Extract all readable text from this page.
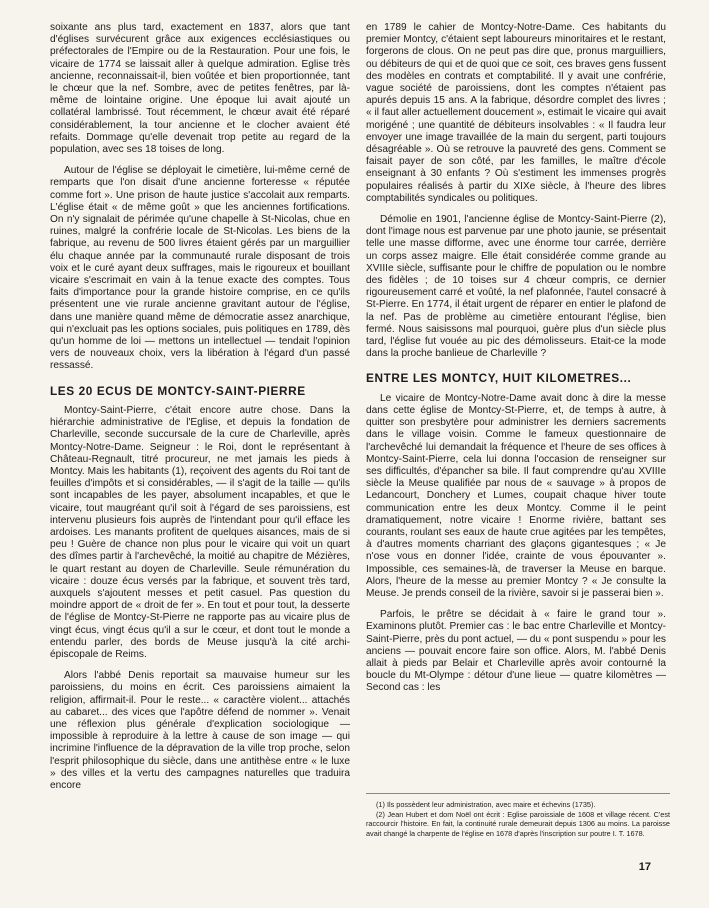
soixante ans plus tard, exactement en 1837, alors que tant d'églises survécurent grâce aux exigences ecclésiastiques ou préfectorales de l'Empire ou de la Restauration. Pour une fois, le vicaire de 1774 se laissait aller à quelque admiration. Eglise très ancienne, reconnaissait-il, bien voûtée et bien proportionnée, tant le chœur que la nef. Sombre, avec de petites fenêtres, par là-même de lointaine origine. Une époque lui avait ajouté un collatéral lambrissé. Tout récemment, le chœur avait été réparé considérablement, la tour ancienne et le clocher avaient été refaits. Dommage qu'elle devenait trop petite au regard de la population, avec ses 18 toises de long.

Autour de l'église se déployait le cimetière, lui-même cerné de remparts que l'on disait d'une ancienne forteresse « réputée comme fort ». Une prison de haute justice s'accolait aux remparts. L'église était « de même goût » que les anciennes fortifications. On n'y signalait de périmée qu'une chapelle à St-Nicolas, chue en ruines, malgré la confrérie locale de St-Nicolas. Les biens de la fabrique, au revenu de 500 livres étaient gérés par un marguillier élu chaque année par la communauté rurale disposant de trois voix et le curé ayant deux suffrages, mais le rigoureux et bouillant vicaire s'escrimait en vain à la tenue exacte des comptes. Tous faits d'importance pour la grande histoire comprise, en ce qu'ils présentent une vie rurale ancienne gravitant autour de l'église, dans une manière quand même de démocratie assez anarchique, qui n'excluait pas les options sociales, puis politiques en 1789, dès qu'un homme de loi — mettons un intellectuel — tendait l'opinion vers de nouveaux choix, vers la libération à l'égard d'un passé ressassé.

LES 20 ECUS DE MONTCY-SAINT-PIERRE

Montcy-Saint-Pierre, c'était encore autre chose. Dans la hiérarchie administrative de l'Eglise, et depuis la fondation de Charleville, seconde succursale de la cure de Charleville, après Montcy-Notre-Dame. Seigneur : le Roi, dont le représentant à Château-Regnault, titré procureur, ne met jamais les pieds à Montcy. Mais les habitants (1), reçoivent des agents du Roi tant de feuilles d'impôts et si considérables, — il s'agit de la taille — qu'ils sont incapables de les payer, absolument incapables, et que le vicaire, tout maugréant qu'il soit à l'égard de ses paroissiens, est intervenu plusieurs fois auprès de l'intendant pour qu'il efface les ardoises. Les manants profitent de quelques aisances, mais de si peu ! Guère de chance non plus pour le vicaire qui voit un quart des dîmes partir à l'archevêché, la moitié au chapitre de Mézières, le quart restant au doyen de Charleville. Seule rémunération du vicaire : douze écus versés par la fabrique, et souvent très tard, auxquels s'ajoutent messes et petit casuel. Pas question du moindre apport de « droit de fer ». En tout et pour tout, la desserte de l'église de Montcy-St-Pierre ne rapporte pas au vicaire plus de vingt écus, vingt écus qu'il a sur le cœur, et dont tout le monde a entendu parler, des bords de Meuse jusqu'à la cité archi-épiscopale de Reims.

Alors l'abbé Denis reportait sa mauvaise humeur sur les paroissiens, du moins en écrit. Ces paroissiens aimaient la religion, affirmait-il. Pour le reste... « caractère violent... attachés au cabaret... des vices que l'apôtre défend de nommer ». Venait une réflexion plus générale d'explication sociologique — impossible à reproduire à la lettre à cause de son image — qui incrimine l'influence de la dépravation de la ville trop proche, selon l'esprit philosophique du siècle, dans une antithèse entre « le luxe » des villes et la vertu des campagnes naturelles que traduira encore

en 1789 le cahier de Montcy-Notre-Dame. Ces habitants du premier Montcy, c'étaient sept laboureurs minoritaires et le restant, forgerons de clous. On ne peut pas dire que, pronus marguilliers, ou débiteurs de qui et de quoi que ce soit, ces braves gens fussent des modèles en contrats et comptabilité. Il y avait une confrérie, vague société de paroissiens, dont les comptes n'étaient pas apurés depuis 15 ans. A la fabrique, désordre complet des livres ; « il faut aller actuellement doucement », estimait le vicaire qui avait morigéné ; une quantité de débiteurs insolvables : « Il faudra leur envoyer une image travaillée de la main du sergent, parti toujours désagréable ». Où se retrouve la pauvreté des gens. Comment se faisait payer de son côté, par les familles, le maître d'école enseignant à 30 enfants ? Où s'estiment les immenses progrès populaires réalisés à partir du XIXe siècle, à l'heure des libres comptabilités syndicales ou politiques.

Démolie en 1901, l'ancienne église de Montcy-Saint-Pierre (2), dont l'image nous est parvenue par une photo jaunie, se présentait telle une masse difforme, avec une énorme tour carrée, derrière un corps assez maigre. Elle était considérée comme grande au XVIIIe siècle, suffisante pour le chiffre de population ou le nombre des fidèles ; de 10 toises sur 4 chœur compris, ce dernier rigoureusement carré et voûté, la nef plafonnée, l'autel consacré à St-Pierre. En 1774, il était urgent de réparer en entier le plafond de la nef. Pas de problème au cimetière entourant l'église, bien fermé. Nous saisissons mal pourquoi, guère plus d'un siècle plus tard, l'église fut vouée au pic des démolisseurs. Etait-ce la mode dans la proche banlieue de Charleville ?

ENTRE LES MONTCY, HUIT KILOMETRES...

Le vicaire de Montcy-Notre-Dame avait donc à dire la messe dans cette église de Montcy-St-Pierre, et, de temps à autre, à quitter son presbytère pour administrer les derniers sacrements dans le village voisin. Comme le fameux questionnaire de l'archevêché lui demandait la fréquence et l'heure de ses offices à Montcy-Saint-Pierre, cela lui donna l'occasion de renseigner sur ses difficultés, d'épancher sa bile. Il faut comprendre qu'au XVIIIe siècle la Meuse qualifiée par nous de « sauvage » à propos de Ledancourt, Donchery et Lumes, coupait chaque hiver toute communication entre les deux Montcy. Comme il le peint dramatiquement, notre vicaire ! Enorme rivière, battant ses courants, roulant ses eaux de haute crue agitées par les tempêtes, à d'autres moments charriant des glaçons gigantesques ; « Je n'ose vous en donner l'idée, crainte de vous épouvanter ». Impossible, ces semaines-là, de traverser la Meuse en barque. Alors, l'heure de la messe au premier Montcy ? « Je consulte la Meuse. Je prends conseil de la rivière, savoir si je passerai bien ».

Parfois, le prêtre se décidait à « faire le grand tour ». Examinons plutôt. Premier cas : le bac entre Charleville et Montcy-Saint-Pierre, près du pont actuel, — du « pont suspendu » pour les anciens — pouvait encore faire son office. Alors, M. l'abbé Denis allait à pieds par Belair et Charleville après avoir contourné la boucle du Mt-Olympe : détour d'une lieue — quatre kilomètres — Second cas : les

(1) Ils possèdent leur administration, avec maire et échevins (1735).
(2) Jean Hubert et dom Noël ont écrit : Eglise paroissiale de 1608 et village récent. C'est raccourcir l'histoire. En fait, la continuité rurale demeurait depuis 1306 au moins. La paroisse avait changé la charpente de l'église en 1678 d'après l'inscription sur poutre I. T. 1678.
17
